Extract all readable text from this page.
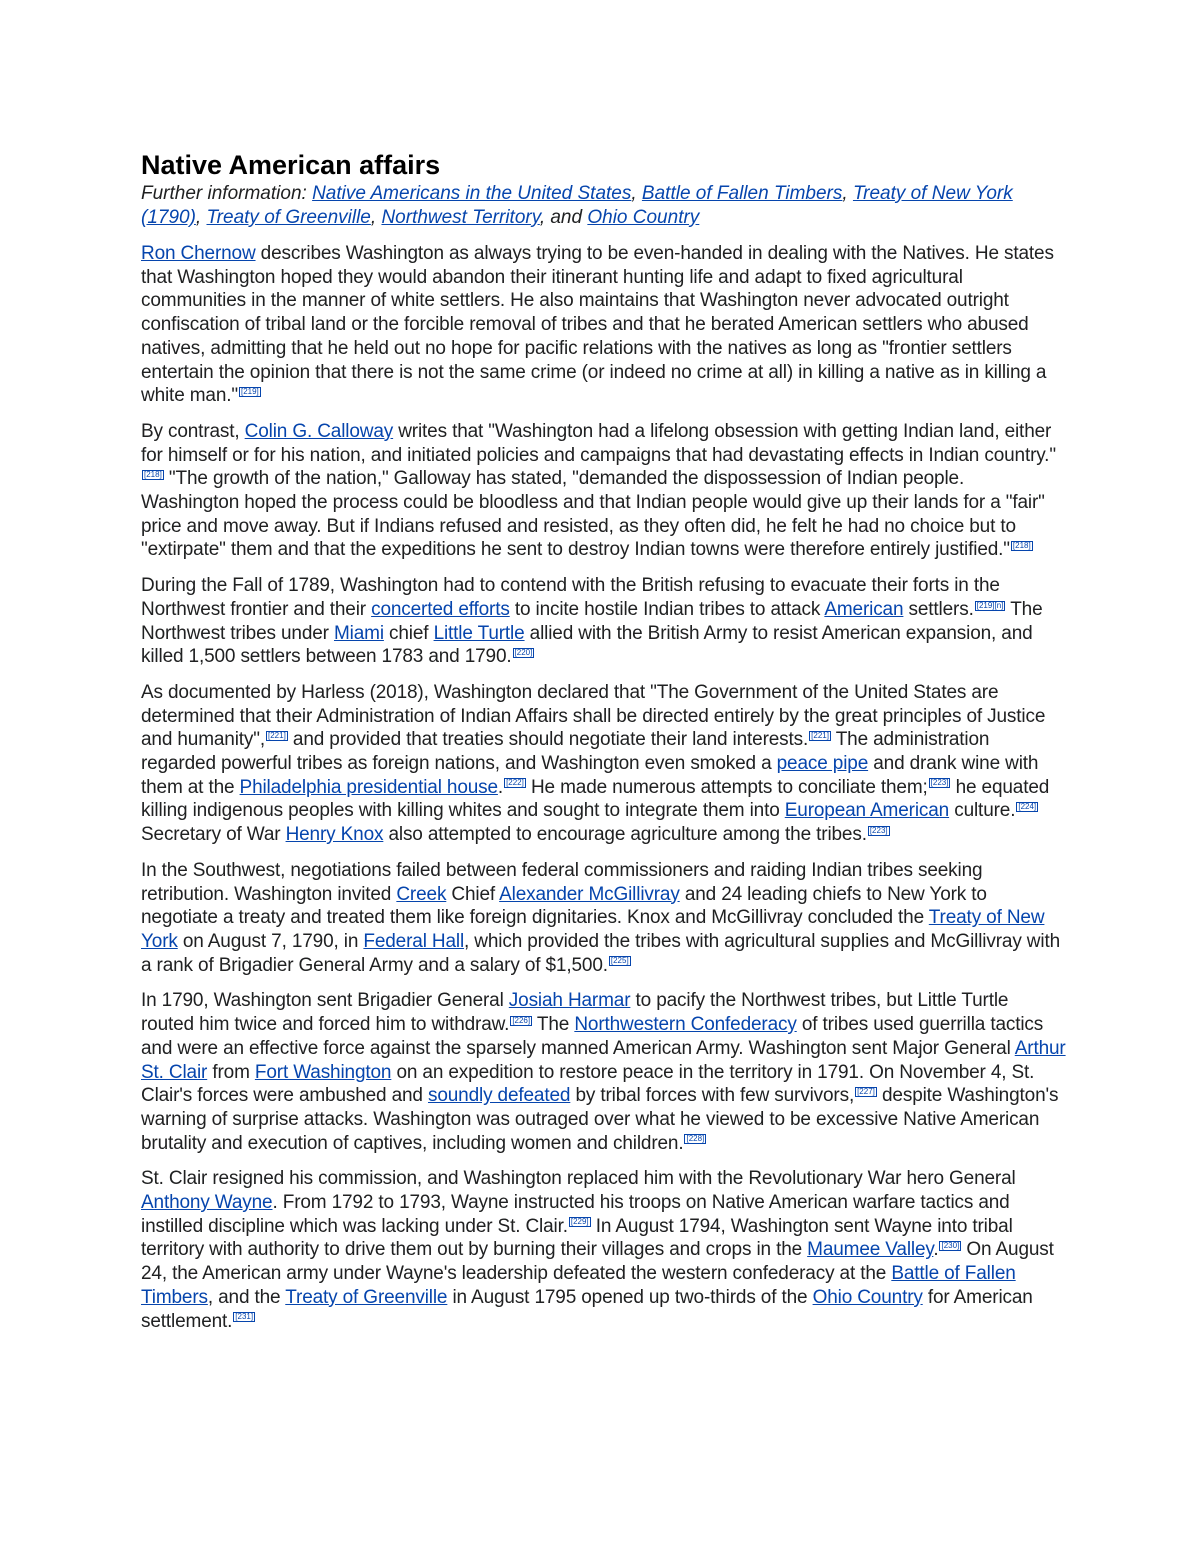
Native American affairs
Further information: Native Americans in the United States, Battle of Fallen Timbers, Treaty of New York (1790), Treaty of Greenville, Northwest Territory, and Ohio Country

Ron Chernow describes Washington as always trying to be even-handed in dealing with the Natives. He states that Washington hoped they would abandon their itinerant hunting life and adapt to fixed agricultural communities in the manner of white settlers. He also maintains that Washington never advocated outright confiscation of tribal land or the forcible removal of tribes and that he berated American settlers who abused natives, admitting that he held out no hope for pacific relations with the natives as long as "frontier settlers entertain the opinion that there is not the same crime (or indeed no crime at all) in killing a native as in killing a white man." [219]

By contrast, Colin G. Calloway writes that "Washington had a lifelong obsession with getting Indian land, either for himself or for his nation, and initiated policies and campaigns that had devastating effects in Indian country."[218] "The growth of the nation," Galloway has stated, "demanded the dispossession of Indian people. Washington hoped the process could be bloodless and that Indian people would give up their lands for a "fair" price and move away. But if Indians refused and resisted, as they often did, he felt he had no choice but to "extirpate" them and that the expeditions he sent to destroy Indian towns were therefore entirely justified." [218]

During the Fall of 1789, Washington had to contend with the British refusing to evacuate their forts in the Northwest frontier and their concerted efforts to incite hostile Indian tribes to attack American settlers. [219][n] The Northwest tribes under Miami chief Little Turtle allied with the British Army to resist American expansion, and killed 1,500 settlers between 1783 and 1790. [220]

As documented by Harless (2018), Washington declared that "The Government of the United States are determined that their Administration of Indian Affairs shall be directed entirely by the great principles of Justice and humanity", [221] and provided that treaties should negotiate their land interests. [221] The administration regarded powerful tribes as foreign nations, and Washington even smoked a peace pipe and drank wine with them at the Philadelphia presidential house. [222] He made numerous attempts to conciliate them; [223] he equated killing indigenous peoples with killing whites and sought to integrate them into European American culture. [224] Secretary of War Henry Knox also attempted to encourage agriculture among the tribes. [223]

In the Southwest, negotiations failed between federal commissioners and raiding Indian tribes seeking retribution. Washington invited Creek Chief Alexander McGillivray and 24 leading chiefs to New York to negotiate a treaty and treated them like foreign dignitaries. Knox and McGillivray concluded the Treaty of New York on August 7, 1790, in Federal Hall, which provided the tribes with agricultural supplies and McGillivray with a rank of Brigadier General Army and a salary of $1,500. [225]

In 1790, Washington sent Brigadier General Josiah Harmar to pacify the Northwest tribes, but Little Turtle routed him twice and forced him to withdraw. [226] The Northwestern Confederacy of tribes used guerrilla tactics and were an effective force against the sparsely manned American Army. Washington sent Major General Arthur St. Clair from Fort Washington on an expedition to restore peace in the territory in 1791. On November 4, St. Clair's forces were ambushed and soundly defeated by tribal forces with few survivors, [227] despite Washington's warning of surprise attacks. Washington was outraged over what he viewed to be excessive Native American brutality and execution of captives, including women and children. [228]

St. Clair resigned his commission, and Washington replaced him with the Revolutionary War hero General Anthony Wayne. From 1792 to 1793, Wayne instructed his troops on Native American warfare tactics and instilled discipline which was lacking under St. Clair. [229] In August 1794, Washington sent Wayne into tribal territory with authority to drive them out by burning their villages and crops in the Maumee Valley. [230] On August 24, the American army under Wayne's leadership defeated the western confederacy at the Battle of Fallen Timbers, and the Treaty of Greenville in August 1795 opened up two-thirds of the Ohio Country for American settlement. [231]
